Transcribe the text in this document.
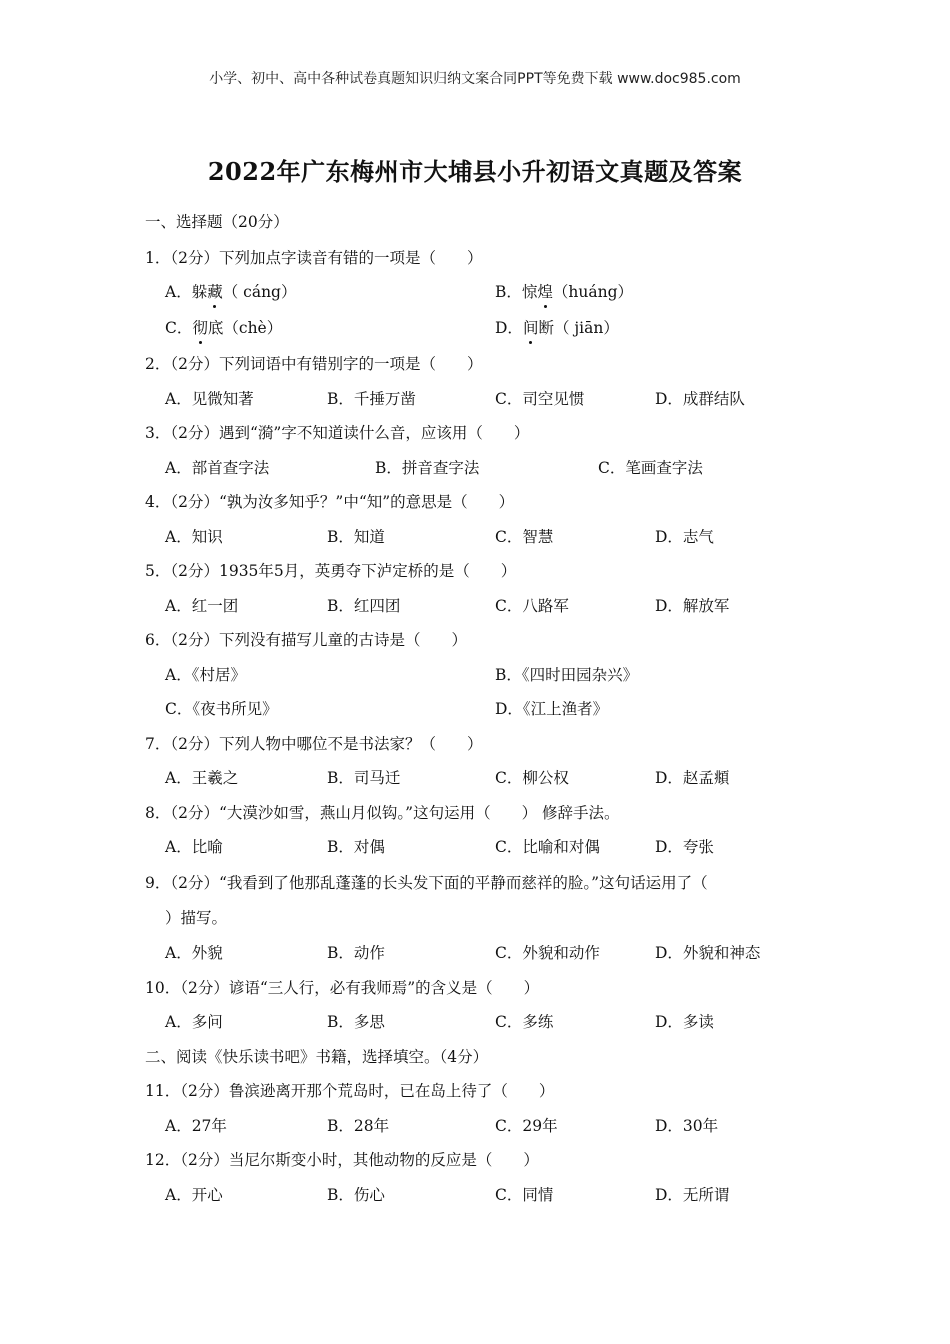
小学、初中、高中各种试卷真题知识归纳文案合同PPT等免费下载 www.doc985.com
2022年广东梅州市大埔县小升初语文真题及答案
一、选择题（20分）
1．（2分）下列加点字读音有错的一项是（　　）
A．躲藏（ cáng）	B．惊煌（huáng）
C．彻底（chè）	D．间断（ jiān）
2．（2分）下列词语中有错别字的一项是（　　）
A．见微知著	B．千捶万凿	C．司空见惯	D．成群结队
3．（2分）遇到“漪”字不知道读什么音，应该用（　　）
A．部首查字法	B．拼音查字法	C．笔画查字法
4．（2分）“孰为汝多知乎？”中“知”的意思是（　　）
A．知识	B．知道	C．智慧	D．志气
5．（2分）1935年5月，英勇夺下泸定桥的是（　　）
A．红一团	B．红四团	C．八路军	D．解放军
6．（2分）下列没有描写儿童的古诗是（　　）
A．《村居》	B．《四时田园杂兴》
C．《夜书所见》	D．《江上渔者》
7．（2分）下列人物中哪位不是书法家？（　　）
A．王羲之	B．司马迁	C．柳公权	D．赵孟頫
8．（2分）“大漠沙如雪，燕山月似钩。”这句运用（　　） 修辞手法。
A．比喻	B．对偶	C．比喻和对偶	D．夸张
9．（2分）“我看到了他那乱蓬蓬的长头发下面的平静而慈祥的脸。”这句话运用了（
）描写。
A．外貌	B．动作	C．外貌和动作	D．外貌和神态
10．（2分）谚语“三人行，必有我师焉”的含义是（　　）
A．多问	B．多思	C．多练	D．多读
二、阅读《快乐读书吧》书籍，选择填空。（4分）
11．（2分）鲁滨逊离开那个荒岛时，已在岛上待了（　　）
A．27年	B．28年	C．29年	D．30年
12．（2分）当尼尔斯变小时，其他动物的反应是（　　）
A．开心	B．伤心	C．同情	D．无所谓
